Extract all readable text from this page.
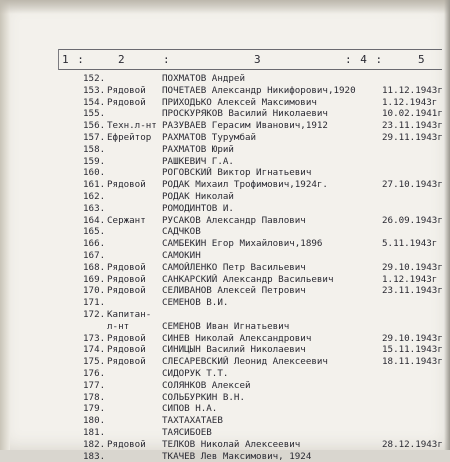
1 :	2	:	3	: 4 :	5
152.	ПОХМАТОВ Андрей
153. Рядовой	ПОЧЕТАЕВ Александр Никифорович,1920	11.12.1943г
154. Рядовой	ПРИХОДЬКО Алексей Максимович	1.12.1943г
155.	ПРОСКУРЯКОВ Василий Николаевич	10.02.1941г
156. Техн.л-нт РАЗУВАЕВ Герасим Иванович,1912	23.11.1943г
157. Ефрейтор	РАХМАТОВ Турумбай	29.11.1943г
158.	РАХМАТОВ Юрий
159.	РАШКЕВИЧ Г.А.
160.	РОГОВСКИЙ Виктор Игнатьевич
161. Рядовой	РОДАК Михаил Трофимович,1924г.	27.10.1943г
162.	РОДАК Николай
163.	РОМОДИНТОВ И.
164. Сержант	РУСАКОВ Александр Павлович	26.09.1943г
165.	САДЧКОВ
166.	САМБЕКИН Егор Михайлович,1896	5.11.1943г
167.	САМОКИН
168. Рядовой	САМОЙЛЕНКО Петр Васильевич	29.10.1943г
169. Рядовой	САНКАРСКИЙ Александр Васильевич	1.12.1943г
170. Рядовой	СЕЛИВАНОВ Алексей Петрович	23.11.1943г
171.	СЕМЕНОВ В.И.
172. Капитан-
л-нт	СЕМЕНОВ Иван Игнатьевич
173. Рядовой	СИНЕВ Николай Александрович	29.10.1943г
174. Рядовой	СИНИЦЫН Василий Николаевич	15.11.1943г
175. Рядовой	СЛЕСАРЕВСКИЙ Леонид Алексеевич	18.11.1943г
176.	СИДОРУК Т.Т.
177.	СОЛЯНКОВ Алексей
178.	СОЛЬБУРКИН В.Н.
179.	СИПОВ Н.А.
180.	ТАХТАХАТАЕВ
181.	ТАЯСИБОЕВ
182. Рядовой	ТЕЛКОВ Николай Алексеевич	28.12.1943г
183.	ТКАЧЕВ Лев Максимович, 1924
